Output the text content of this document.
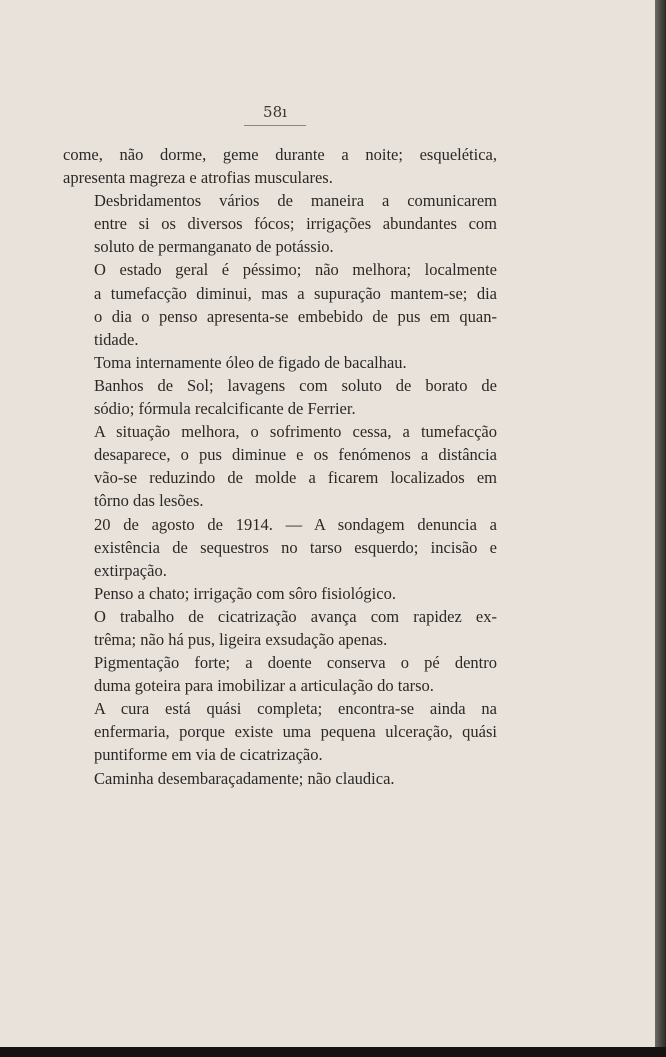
58ı

come, não dorme, geme durante a noite; esquelética,
apresenta magreza e atrofias musculares.

Desbridamentos vários de maneira a comunicarem
entre si os diversos fócos; irrigações abundantes com
soluto de permanganato de potássio.

O estado geral é péssimo; não melhora; localmente
a tumefacção diminui, mas a supuração mantem-se; dia
o dia o penso apresenta-se embebido de pus em quan-
tidade.

Toma internamente óleo de figado de bacalhau.

Banhos de Sol; lavagens com soluto de borato de
sódio; fórmula recalcificante de Ferrier.

A situação melhora, o sofrimento cessa, a tumefacção
desaparece, o pus diminue e os fenómenos a distância
vão-se reduzindo de molde a ficarem localizados em
tôrno das lesões.

20 de agosto de 1914. — A sondagem denuncia a
existência de sequestros no tarso esquerdo; incisão e
extirpação.

Penso a chato; irrigação com sôro fisiológico.

O trabalho de cicatrização avança com rapidez ex-
trêma; não há pus, ligeira exsudação apenas.

Pigmentação forte; a doente conserva o pé dentro
duma goteira para imobilizar a articulação do tarso.

A cura está quási completa; encontra-se ainda na
enfermaria, porque existe uma pequena ulceração, quási
puntiforme em via de cicatrização.

Caminha desembaraçadamente; não claudica.
